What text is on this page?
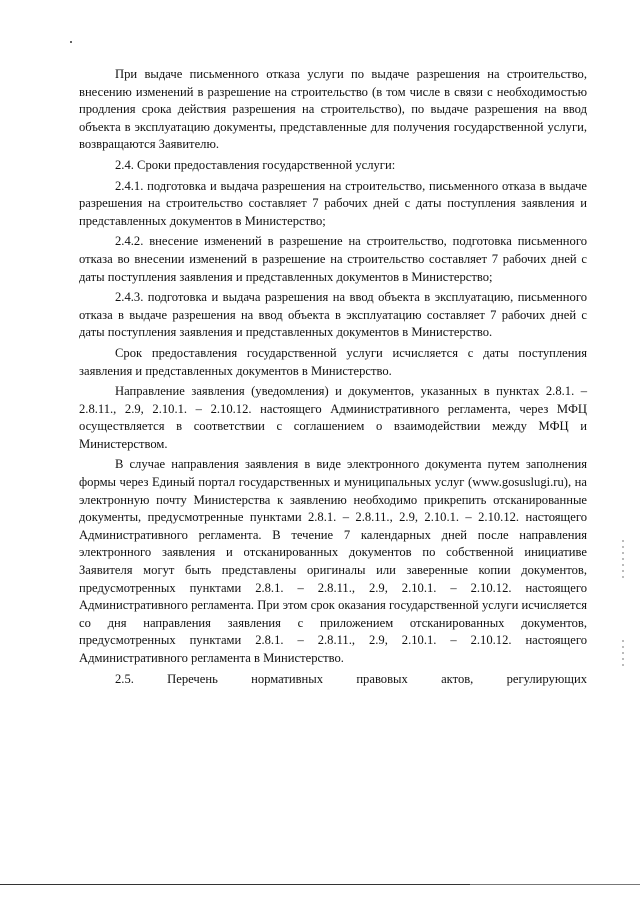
При выдаче письменного отказа услуги по выдаче разрешения на строительство, внесению изменений в разрешение на строительство (в том числе в связи с необходимостью продления срока действия разрешения на строительство), по выдаче разрешения на ввод объекта в эксплуатацию документы, представленные для получения государственной услуги, возвращаются Заявителю.

2.4. Сроки предоставления государственной услуги:

2.4.1. подготовка и выдача разрешения на строительство, письменного отказа в выдаче разрешения на строительство составляет 7 рабочих дней с даты поступления заявления и представленных документов в Министерство;

2.4.2. внесение изменений в разрешение на строительство, подготовка письменного отказа во внесении изменений в разрешение на строительство составляет 7 рабочих дней с даты поступления заявления и представленных документов в Министерство;

2.4.3. подготовка и выдача разрешения на ввод объекта в эксплуатацию, письменного отказа в выдаче разрешения на ввод объекта в эксплуатацию составляет 7 рабочих дней с даты поступления заявления и представленных документов в Министерство.

Срок предоставления государственной услуги исчисляется с даты поступления заявления и представленных документов в Министерство.

Направление заявления (уведомления) и документов, указанных в пунктах 2.8.1. – 2.8.11., 2.9, 2.10.1. – 2.10.12. настоящего Административного регламента, через МФЦ осуществляется в соответствии с соглашением о взаимодействии между МФЦ и Министерством.

В случае направления заявления в виде электронного документа путем заполнения формы через Единый портал государственных и муниципальных услуг (www.gosuslugi.ru), на электронную почту Министерства к заявлению необходимо прикрепить отсканированные документы, предусмотренные пунктами 2.8.1. – 2.8.11., 2.9, 2.10.1. – 2.10.12. настоящего Административного регламента. В течение 7 календарных дней после направления электронного заявления и отсканированных документов по собственной инициативе Заявителя могут быть представлены оригиналы или заверенные копии документов, предусмотренных пунктами 2.8.1. – 2.8.11., 2.9, 2.10.1. – 2.10.12. настоящего Административного регламента. При этом срок оказания государственной услуги исчисляется со дня направления заявления с приложением отсканированных документов, предусмотренных пунктами 2.8.1. – 2.8.11., 2.9, 2.10.1. – 2.10.12. настоящего Административного регламента в Министерство.

2.5. Перечень нормативных правовых актов, регулирующих
